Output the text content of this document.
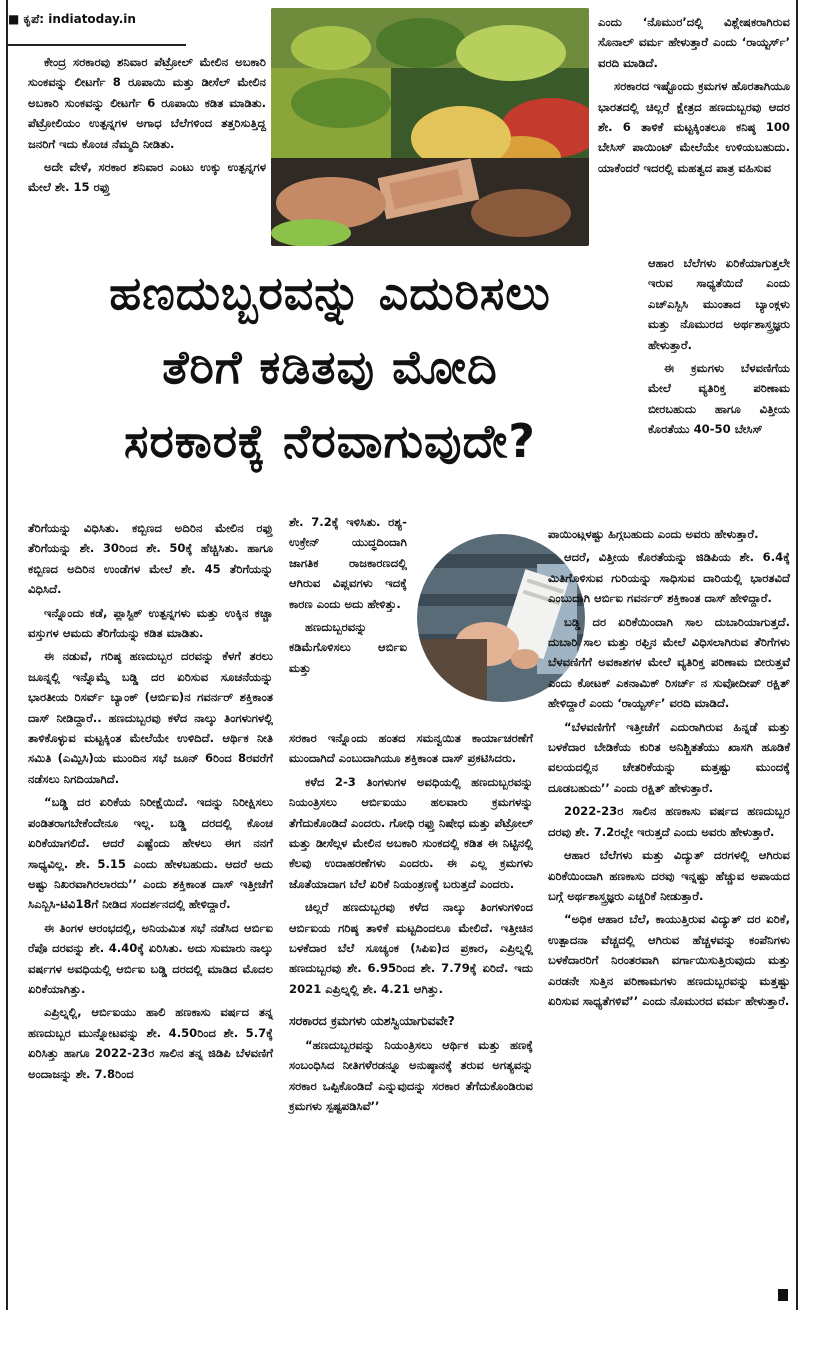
■ ಕೃಪೆ: indiatoday.in

ಕೇಂದ್ರ ಸರಕಾರವು ಶನಿವಾರ ಪೆಟ್ರೋಲ್ ಮೇಲಿನ ಅಬಕಾರಿ ಸುಂಕವನ್ನು ಲೀಟರ್ಗೆ 8 ರೂಪಾಯಿ ಮತ್ತು ಡೀಸೆಲ್ ಮೇಲಿನ ಅಬಕಾರಿ ಸುಂಕವನ್ನು ಲೀಟರ್ಗೆ 6 ರೂಪಾಯಿ ಕಡಿತ ಮಾಡಿತು. ಪೆಟ್ರೋಲಿಯಂ ಉತ್ಪನ್ನಗಳ ಅಗಾಧ ಬೆಲೆಗಳಿಂದ ತತ್ತರಿಸುತ್ತಿದ್ದ ಜನರಿಗೆ ಇದು ಕೊಂಚ ನೆಮ್ಮದಿ ನೀಡಿತು.

ಅದೇ ವೇಳೆ, ಸರಕಾರ ಶನಿವಾರ ಎಂಟು ಉಕ್ಕು ಉತ್ಪನ್ನಗಳ ಮೇಲೆ ಶೇ. 15 ರಫ್ತು

ಹಣದುಬ್ಬರವನ್ನು ಎದುರಿಸಲು
ತೆರಿಗೆ ಕಡಿತವು ಮೋದಿ
ಸರಕಾರಕ್ಕೆ ನೆರವಾಗುವುದೇ?

ಎಂದು ‘ನೊಮುರ’ದಲ್ಲಿ ವಿಶ್ಲೇಷಕರಾಗಿರುವ ಸೊನಾಲ್ ವರ್ಮ ಹೇಳುತ್ತಾರೆ ಎಂದು ‘ರಾಯ್ಟರ್ಸ್’ ವರದಿ ಮಾಡಿದೆ.

ಸರಕಾರದ ಇಷ್ಟೊಂದು ಕ್ರಮಗಳ ಹೊರತಾಗಿಯೂ ಭಾರತದಲ್ಲಿ ಚಿಲ್ಲರೆ ಕ್ಷೇತ್ರದ ಹಣದುಬ್ಬರವು ಆದರ ಶೇ. 6 ತಾಳಿಕೆ ಮಟ್ಟಕ್ಕಿಂತಲೂ ಕನಿಷ್ಠ 100 ಬೇಸಿಸ್ ಪಾಯಿಂಟ್ ಮೇಲೆಯೇ ಉಳಿಯಬಹುದು. ಯಾಕೆಂದರೆ ಇದರಲ್ಲಿ ಮಹತ್ವದ ಪಾತ್ರ ವಹಿಸುವ

ಆಹಾರ ಬೆಲೆಗಳು ಏರಿಕೆಯಾಗುತ್ತಲೇ ಇರುವ ಸಾಧ್ಯತೆಯಿದೆ ಎಂದು ಎಚ್ಎಸ್ಬಿಸಿ ಮುಂತಾದ ಬ್ಯಾಂಕ್ಗಳು ಮತ್ತು ನೊಮುರದ ಅರ್ಥಶಾಸ್ತ್ರಜ್ಞರು ಹೇಳುತ್ತಾರೆ.

ಈ ಕ್ರಮಗಳು ಬೆಳವಣಿಗೆಯ ಮೇಲೆ ವ್ಯತಿರಿಕ್ತ ಪರಿಣಾಮ ಬೀರಬಹುದು ಹಾಗೂ ವಿತ್ತೀಯ ಕೊರತೆಯು 40-50 ಬೇಸಿಸ್

ತೆರಿಗೆಯನ್ನು ವಿಧಿಸಿತು. ಕಬ್ಬಿಣದ ಅದಿರಿನ ಮೇಲಿನ ರಫ್ತು ತೆರಿಗೆಯನ್ನು ಶೇ. 30ರಿಂದ ಶೇ. 50ಕ್ಕೆ ಹೆಚ್ಚಿಸಿತು. ಹಾಗೂ ಕಬ್ಬಿಣದ ಅದಿರಿನ ಉಂಡೆಗಳ ಮೇಲೆ ಶೇ. 45 ತೆರಿಗೆಯನ್ನು ವಿಧಿಸಿದೆ.

ಇನ್ನೊಂದು ಕಡೆ, ಪ್ಲಾಸ್ಟಿಕ್ ಉತ್ಪನ್ನಗಳು ಮತ್ತು ಉಕ್ಕಿನ ಕಚ್ಚಾ ವಸ್ತುಗಳ ಆಮದು ತೆರಿಗೆಯನ್ನು ಕಡಿತ ಮಾಡಿತು.

ಈ ನಡುವೆ, ಗರಿಷ್ಠ ಹಣದುಬ್ಬರ ದರವನ್ನು ಕೆಳಗೆ ತರಲು ಜೂನ್ನಲ್ಲಿ ಇನ್ನೊಮ್ಮೆ ಬಡ್ಡಿ ದರ ಏರಿಸುವ ಸೂಚನೆಯನ್ನು ಭಾರತೀಯ ರಿಸರ್ವ್ ಬ್ಯಾಂಕ್ (ಆರ್ಬಿಐ)ನ ಗವರ್ನರ್ ಶಕ್ತಿಕಾಂತ ದಾಸ್ ನೀಡಿದ್ದಾರೆ.. ಹಣದುಬ್ಬರವು ಕಳೆದ ನಾಲ್ಕು ತಿಂಗಳುಗಳಲ್ಲಿ ತಾಳಿಕೊಳ್ಳುವ ಮಟ್ಟಕ್ಕಿಂತ ಮೇಲೆಯೇ ಉಳಿದಿದೆ. ಆರ್ಥಿಕ ನೀತಿ ಸಮಿತಿ (ಎಮ್ಪಿಸಿ)ಯ ಮುಂದಿನ ಸಭೆ ಜೂನ್ 6ರಿಂದ 8ರವರೆಗೆ ನಡೆಸಲು ನಿಗದಿಯಾಗಿದೆ.

“ಬಡ್ಡಿ ದರ ಏರಿಕೆಯ ನಿರೀಕ್ಷೆಯಿದೆ. ಇದನ್ನು ನಿರೀಕ್ಷಿಸಲು ಪಂಡಿತರಾಗಬೇಕೆಂದೇನೂ ಇಲ್ಲ. ಬಡ್ಡಿ ದರದಲ್ಲಿ ಕೊಂಚ ಏರಿಕೆಯಾಗಲಿದೆ. ಆದರೆ ಎಷ್ಟೆಂದು ಹೇಳಲು ಈಗ ನನಗೆ ಸಾಧ್ಯವಿಲ್ಲ. ಶೇ. 5.15 ಎಂದು ಹೇಳಬಹುದು. ಆದರೆ ಅದು ಅಷ್ಟು ನಿಖರವಾಗಿರಲಾರದು’’ ಎಂದು ಶಕ್ತಿಕಾಂತ ದಾಸ್ ಇತ್ತೀಚೆಗೆ ಸಿಎನ್ಬಿಸಿ-ಟಿವಿ18ಗೆ ನೀಡಿದ ಸಂದರ್ಶನದಲ್ಲಿ ಹೇಳಿದ್ದಾರೆ.

ಈ ತಿಂಗಳ ಆರಂಭದಲ್ಲಿ, ಅನಿಯಮಿತ ಸಭೆ ನಡೆಸಿದ ಆರ್ಬಿಐ ರೆಪೊ ದರವನ್ನು ಶೇ. 4.40ಕ್ಕೆ ಏರಿಸಿತು. ಅದು ಸುಮಾರು ನಾಲ್ಕು ವರ್ಷಗಳ ಅವಧಿಯಲ್ಲಿ ಆರ್ಬಿಐ ಬಡ್ಡಿ ದರದಲ್ಲಿ ಮಾಡಿದ ಮೊದಲ ಏರಿಕೆಯಾಗಿತ್ತು.

ಎಪ್ರಿಲ್ನಲ್ಲಿ, ಆರ್ಬಿಐಯು ಹಾಲಿ ಹಣಕಾಸು ವರ್ಷದ ತನ್ನ ಹಣದುಬ್ಬರ ಮುನ್ನೋಟವನ್ನು ಶೇ. 4.50ರಿಂದ ಶೇ. 5.7ಕ್ಕೆ ಏರಿಸಿತ್ತು ಹಾಗೂ 2022-23ರ ಸಾಲಿನ ತನ್ನ ಜಿಡಿಪಿ ಬೆಳವಣಿಗೆ ಅಂದಾಜನ್ನು ಶೇ. 7.8ರಿಂದ

ಶೇ. 7.2ಕ್ಕೆ ಇಳಿಸಿತು. ರಶ್ಯ-ಉಕ್ರೇನ್ ಯುದ್ಧದಿಂದಾಗಿ ಜಾಗತಿಕ ರಾಜಕಾರಣದಲ್ಲಿ ಆಗಿರುವ ವಿಪ್ಲವಗಳು ಇದಕ್ಕೆ ಕಾರಣ ಎಂದು ಅದು ಹೇಳಿತ್ತು.

ಹಣದುಬ್ಬರವನ್ನು ಕಡಿಮೆಗೊಳಿಸಲು ಆರ್ಬಿಐ ಮತ್ತು

ಸರಕಾರ ಇನ್ನೊಂದು ಹಂತದ ಸಮನ್ವಯಿತ ಕಾರ್ಯಾಚರಣೆಗೆ ಮುಂದಾಗಿದೆ ಎಂಬುದಾಗಿಯೂ ಶಕ್ತಿಕಾಂತ ದಾಸ್ ಪ್ರಕಟಿಸಿದರು.

ಕಳೆದ 2-3 ತಿಂಗಳುಗಳ ಅವಧಿಯಲ್ಲಿ ಹಣದುಬ್ಬರವನ್ನು ನಿಯಂತ್ರಿಸಲು ಆರ್ಬಿಐಯು ಹಲವಾರು ಕ್ರಮಗಳನ್ನು ತೆಗೆದುಕೊಂಡಿದೆ ಎಂದರು. ಗೋಧಿ ರಫ್ತು ನಿಷೇಧ ಮತ್ತು ಪೆಟ್ರೋಲ್ ಮತ್ತು ಡೀಸೆಲ್ಗಳ ಮೇಲಿನ ಅಬಕಾರಿ ಸುಂಕದಲ್ಲಿ ಕಡಿತ ಈ ನಿಟ್ಟಿನಲ್ಲಿ ಕೆಲವು ಉದಾಹರಣೆಗಳು ಎಂದರು. ಈ ಎಲ್ಲ ಕ್ರಮಗಳು ಜೊತೆಯಾದಾಗ ಬೆಲೆ ಏರಿಕೆ ನಿಯಂತ್ರಣಕ್ಕೆ ಬರುತ್ತದೆ ಎಂದರು.

ಚಿಲ್ಲರೆ ಹಣದುಬ್ಬರವು ಕಳೆದ ನಾಲ್ಕು ತಿಂಗಳುಗಳಿಂದ ಆರ್ಬಿಐಯ ಗರಿಷ್ಠ ತಾಳಿಕೆ ಮಟ್ಟದಿಂದಲೂ ಮೇಲಿದೆ. ಇತ್ತೀಚಿನ ಬಳಕೆದಾರ ಬೆಲೆ ಸೂಚ್ಯಂಕ (ಸಿಪಿಐ)ದ ಪ್ರಕಾರ, ಎಪ್ರಿಲ್ನಲ್ಲಿ ಹಣದುಬ್ಬರವು ಶೇ. 6.95ರಿಂದ ಶೇ. 7.79ಕ್ಕೆ ಏರಿದೆ. ಇದು 2021 ಎಪ್ರಿಲ್ನಲ್ಲಿ ಶೇ. 4.21 ಆಗಿತ್ತು.

ಸರಕಾರದ ಕ್ರಮಗಳು ಯಶಸ್ವಿಯಾಗುವವೇ?

“ಹಣದುಬ್ಬರವನ್ನು ನಿಯಂತ್ರಿಸಲು ಆರ್ಥಿಕ ಮತ್ತು ಹಣಕ್ಕೆ ಸಂಬಂಧಿಸಿದ ನೀತಿಗಳೆರಡನ್ನೂ ಅನುಷ್ಠಾನಕ್ಕೆ ತರುವ ಅಗತ್ಯವನ್ನು ಸರಕಾರ ಒಪ್ಪಿಕೊಂಡಿದೆ ಎನ್ನುವುದನ್ನು ಸರಕಾರ ತೆಗೆದುಕೊಂಡಿರುವ ಕ್ರಮಗಳು ಸ್ಪಷ್ಟಪಡಿಸಿವೆ’’

ಪಾಯಿಂಟ್ಗಳಷ್ಟು ಹಿಗ್ಗಬಹುದು ಎಂದು ಅವರು ಹೇಳುತ್ತಾರೆ.

ಆದರೆ, ವಿತ್ತೀಯ ಕೊರತೆಯನ್ನು ಜಿಡಿಪಿಯ ಶೇ. 6.4ಕ್ಕೆ ಮಿತಿಗೊಳಿಸುವ ಗುರಿಯನ್ನು ಸಾಧಿಸುವ ದಾರಿಯಲ್ಲಿ ಭಾರತವಿದೆ ಎಂಬುದಾಗಿ ಆರ್ಬಿಐ ಗವರ್ನರ್ ಶಕ್ತಿಕಾಂತ ದಾಸ್ ಹೇಳಿದ್ದಾರೆ.

ಬಡ್ಡಿ ದರ ಏರಿಕೆಯಿಂದಾಗಿ ಸಾಲ ದುಬಾರಿಯಾಗುತ್ತದೆ. ದುಬಾರಿ ಸಾಲ ಮತ್ತು ರಫ್ತಿನ ಮೇಲೆ ವಿಧಿಸಲಾಗಿರುವ ತೆರಿಗೆಗಳು ಬೆಳವಣಿಗೆಗೆ ಅವಕಾಶಗಳ ಮೇಲೆ ವ್ಯತಿರಿಕ್ತ ಪರಿಣಾಮ ಬೀರುತ್ತವೆ ಎಂದು ಕೋಟಕ್ ಎಕನಾಮಿಕ್ ರಿಸರ್ಚ್ ನ ಸುವೋದೀಪ್ ರಕ್ಷಿತ್ ಹೇಳಿದ್ದಾರೆ ಎಂದು ‘ರಾಯ್ಟರ್ಸ್’ ವರದಿ ಮಾಡಿದೆ.

“ಬೆಳವಣಿಗೆಗೆ ಇತ್ತೀಚೆಗೆ ಎದುರಾಗಿರುವ ಹಿನ್ನಡೆ ಮತ್ತು ಬಳಕೆದಾರ ಬೇಡಿಕೆಯ ಕುರಿತ ಅನಿಶ್ಚಿತತೆಯು ಖಾಸಗಿ ಹೂಡಿಕೆ ವಲಯದಲ್ಲಿನ ಚೇತರಿಕೆಯನ್ನು ಮತ್ತಷ್ಟು ಮುಂದಕ್ಕೆ ದೂಡಬಹುದು’’ ಎಂದು ರಕ್ಷಿತ್ ಹೇಳುತ್ತಾರೆ.

2022-23ರ ಸಾಲಿನ ಹಣಕಾಸು ವರ್ಷದ ಹಣದುಬ್ಬರ ದರವು ಶೇ. 7.2ರಲ್ಲೇ ಇರುತ್ತದೆ ಎಂದು ಅವರು ಹೇಳುತ್ತಾರೆ.

ಆಹಾರ ಬೆಲೆಗಳು ಮತ್ತು ವಿದ್ಯುತ್ ದರಗಳಲ್ಲಿ ಆಗಿರುವ ಏರಿಕೆಯಿಂದಾಗಿ ಹಣಕಾಸು ದರವು ಇನ್ನಷ್ಟು ಹೆಚ್ಚುವ ಅಪಾಯದ ಬಗ್ಗೆ ಅರ್ಥಶಾಸ್ತ್ರಜ್ಞರು ಎಚ್ಚರಿಕೆ ನೀಡುತ್ತಾರೆ.

“ಅಧಿಕ ಆಹಾರ ಬೆಲೆ, ಕಾಯುತ್ತಿರುವ ವಿದ್ಯುತ್ ದರ ಏರಿಕೆ, ಉತ್ಪಾದನಾ ವೆಚ್ಚದಲ್ಲಿ ಆಗಿರುವ ಹೆಚ್ಚಳವನ್ನು ಕಂಪೆನಿಗಳು ಬಳಕೆದಾರರಿಗೆ ನಿರಂತರವಾಗಿ ವರ್ಗಾಯಿಸುತ್ತಿರುವುದು ಮತ್ತು ಎರಡನೇ ಸುತ್ತಿನ ಪರಿಣಾಮಗಳು ಹಣದುಬ್ಬರವನ್ನು ಮತ್ತಷ್ಟು ಏರಿಸುವ ಸಾಧ್ಯತೆಗಳಿವೆ’’ ಎಂದು ನೊಮುರದ ವರ್ಮ ಹೇಳುತ್ತಾರೆ.
